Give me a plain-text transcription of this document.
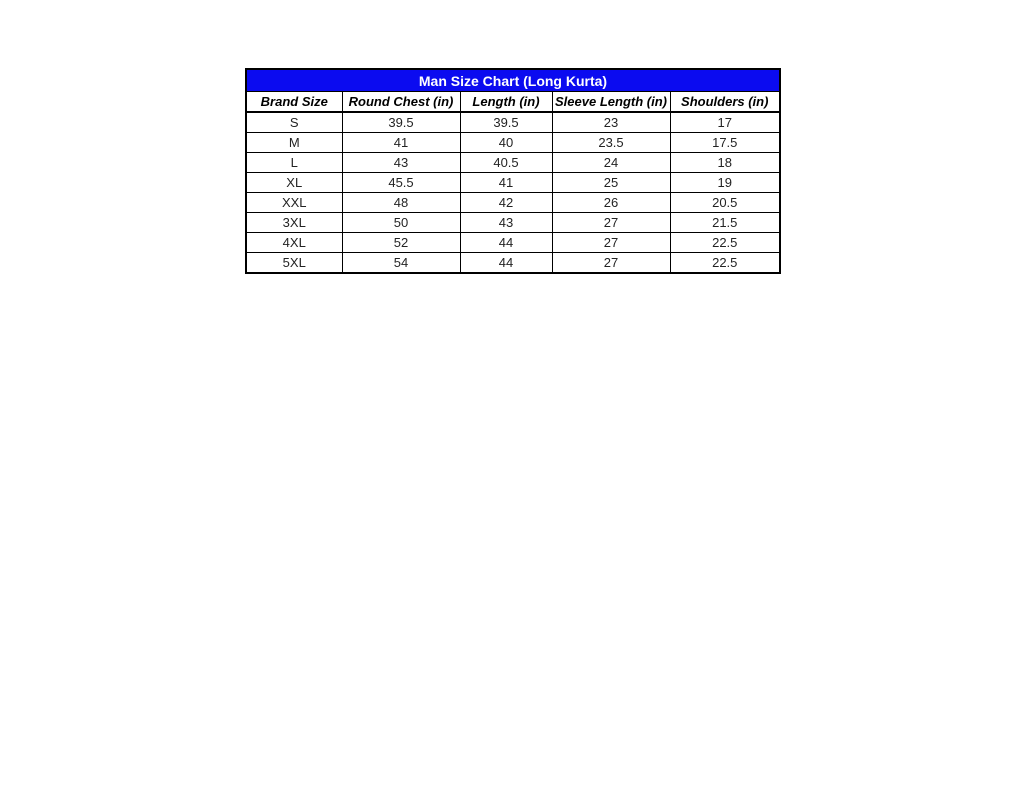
Man Size Chart (Long Kurta)				
Brand Size	Round Chest (in)	Length (in)	Sleeve Length (in)	Shoulders (in)
S	39.5	39.5	23	17
M	41	40	23.5	17.5
L	43	40.5	24	18
XL	45.5	41	25	19
XXL	48	42	26	20.5
3XL	50	43	27	21.5
4XL	52	44	27	22.5
5XL	54	44	27	22.5
